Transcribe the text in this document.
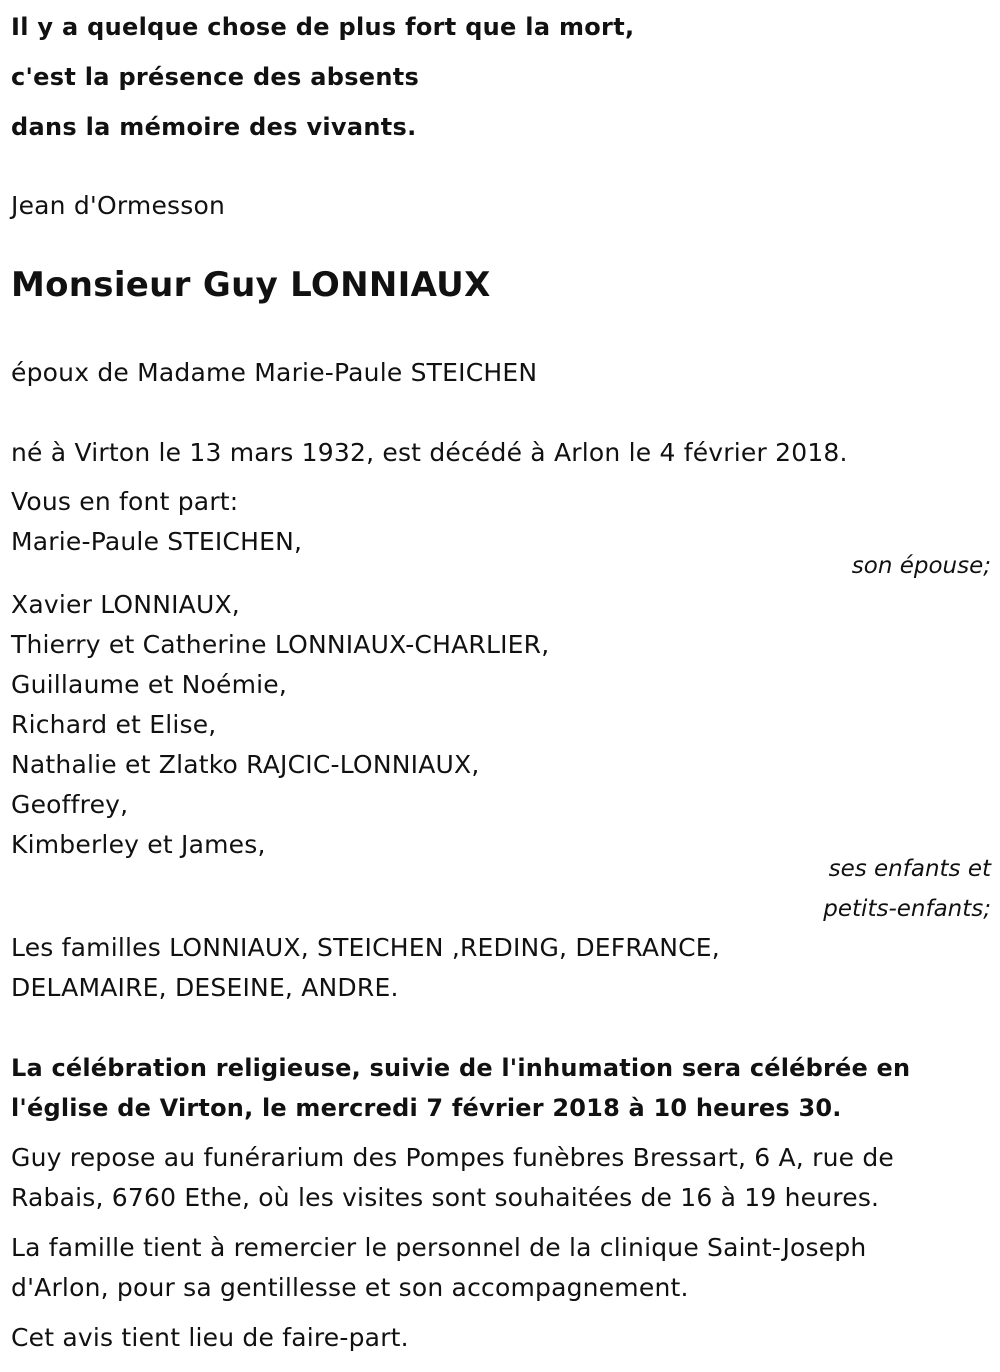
Il y a quelque chose de plus fort que la mort,
c'est la présence des absents
dans la mémoire des vivants.
Jean d'Ormesson
Monsieur Guy LONNIAUX
époux de Madame Marie-Paule STEICHEN
né à Virton le 13 mars 1932, est décédé à Arlon le 4 février 2018.
Vous en font part:
Marie-Paule STEICHEN,
son épouse;
Xavier LONNIAUX,
Thierry et Catherine LONNIAUX-CHARLIER,
Guillaume et Noémie,
Richard et Elise,
Nathalie et Zlatko RAJCIC-LONNIAUX,
Geoffrey,
Kimberley et James,
ses enfants et
petits-enfants;
Les familles LONNIAUX, STEICHEN ,REDING, DEFRANCE,
DELAMAIRE, DESEINE, ANDRE.
La célébration religieuse, suivie de l'inhumation sera célébrée en
l'église de Virton, le mercredi 7 février 2018 à 10 heures 30.
Guy repose au funérarium des Pompes funèbres Bressart, 6 A, rue de
Rabais, 6760 Ethe, où les visites sont souhaitées de 16 à 19 heures.
La famille tient à remercier le personnel de la clinique Saint-Joseph
d'Arlon, pour sa gentillesse et son accompagnement.
Cet avis tient lieu de faire-part.
